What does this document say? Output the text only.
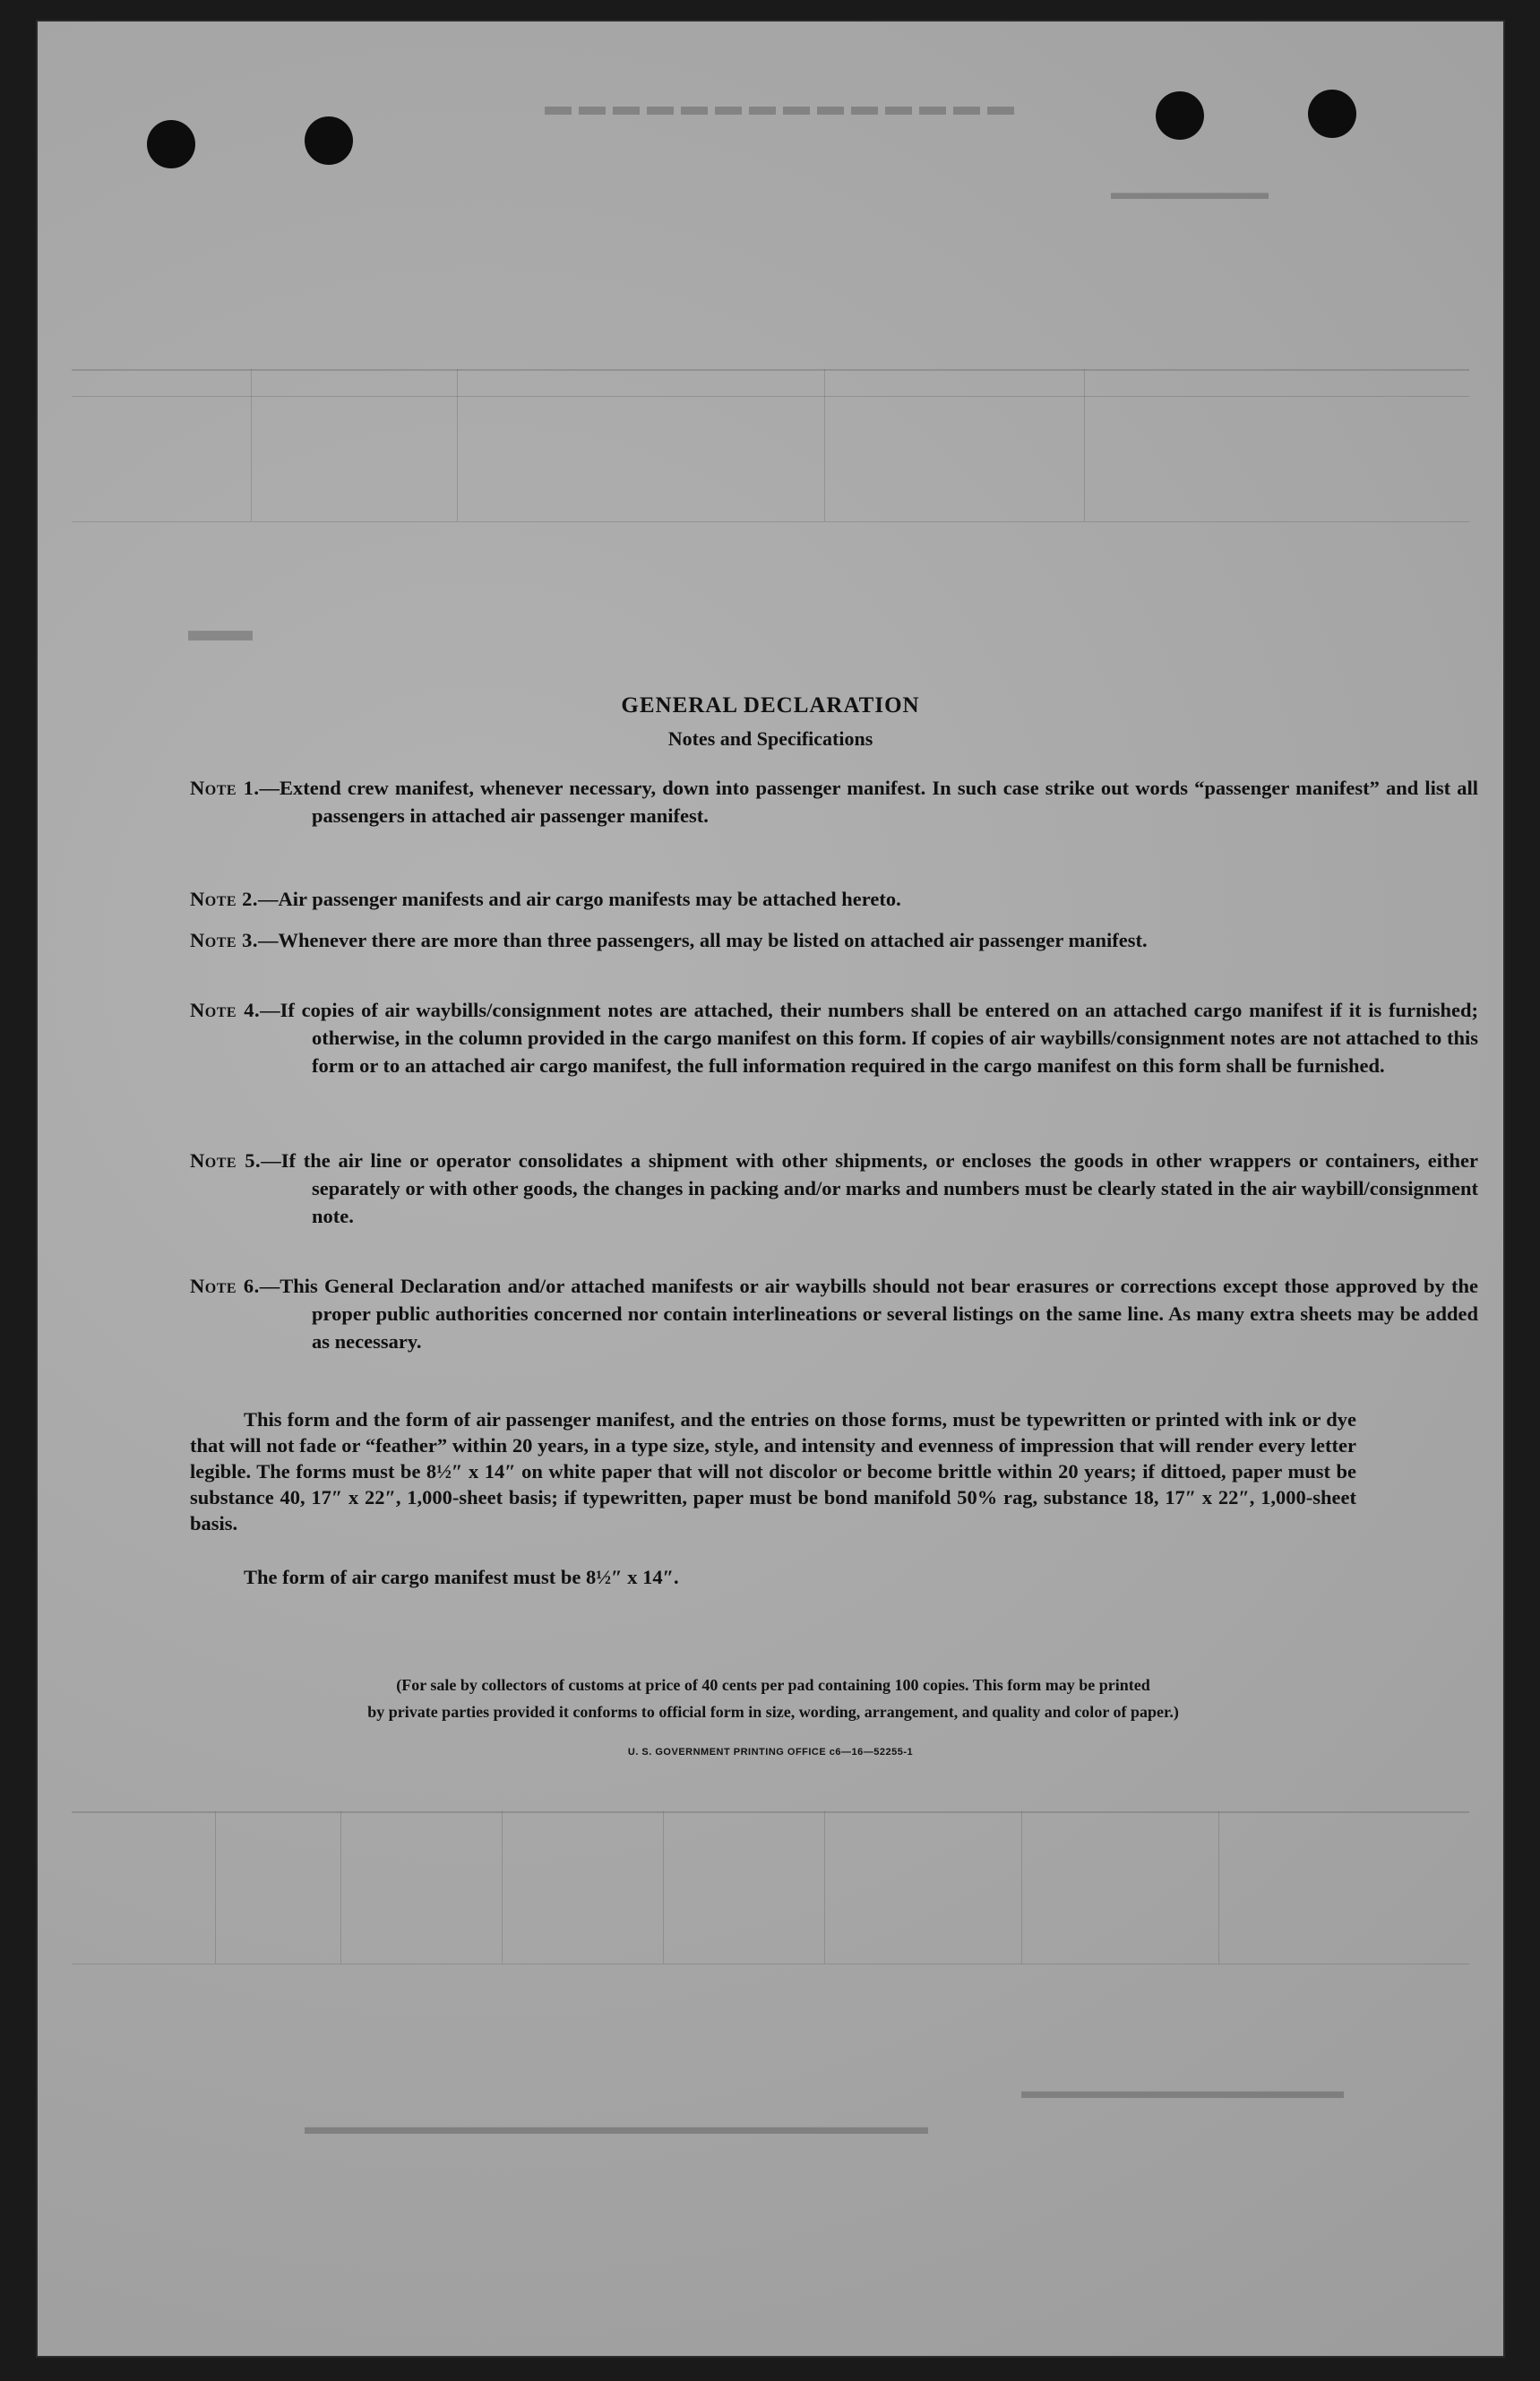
▬▬▬▬▬▬▬▬▬▬▬▬▬▬
▬▬▬▬▬▬▬▬
▬▬
▬▬▬▬▬▬▬▬▬▬▬▬▬▬▬
▬▬▬▬▬▬▬▬▬▬▬▬▬▬▬▬▬▬▬▬▬▬▬▬▬▬▬▬▬
GENERAL DECLARATION
Notes and Specifications
Note 1.—Extend crew manifest, whenever necessary, down into passenger manifest. In such case strike out words “passenger manifest” and list all passengers in attached air passenger manifest.
Note 2.—Air passenger manifests and air cargo manifests may be attached hereto.
Note 3.—Whenever there are more than three passengers, all may be listed on attached air passenger manifest.
Note 4.—If copies of air waybills/consignment notes are attached, their numbers shall be entered on an attached cargo manifest if it is furnished; otherwise, in the column provided in the cargo manifest on this form. If copies of air waybills/consignment notes are not attached to this form or to an attached air cargo manifest, the full information required in the cargo manifest on this form shall be furnished.
Note 5.—If the air line or operator consolidates a shipment with other shipments, or encloses the goods in other wrappers or containers, either separately or with other goods, the changes in packing and/or marks and numbers must be clearly stated in the air waybill/consignment note.
Note 6.—This General Declaration and/or attached manifests or air waybills should not bear erasures or corrections except those approved by the proper public authorities concerned nor contain interlineations or several listings on the same line. As many extra sheets may be added as necessary.
This form and the form of air passenger manifest, and the entries on those forms, must be typewritten or printed with ink or dye that will not fade or “feather” within 20 years, in a type size, style, and intensity and evenness of impression that will render every letter legible. The forms must be 8½″ x 14″ on white paper that will not discolor or become brittle within 20 years; if dittoed, paper must be substance 40, 17″ x 22″, 1,000-sheet basis; if typewritten, paper must be bond manifold 50% rag, substance 18, 17″ x 22″, 1,000-sheet basis.
The form of air cargo manifest must be 8½″ x 14″.
(For sale by collectors of customs at price of 40 cents per pad containing 100 copies. This form may be printed
by private parties provided it conforms to official form in size, wording, arrangement, and quality and color of paper.)
U. S. GOVERNMENT PRINTING OFFICE c6—16—52255-1
